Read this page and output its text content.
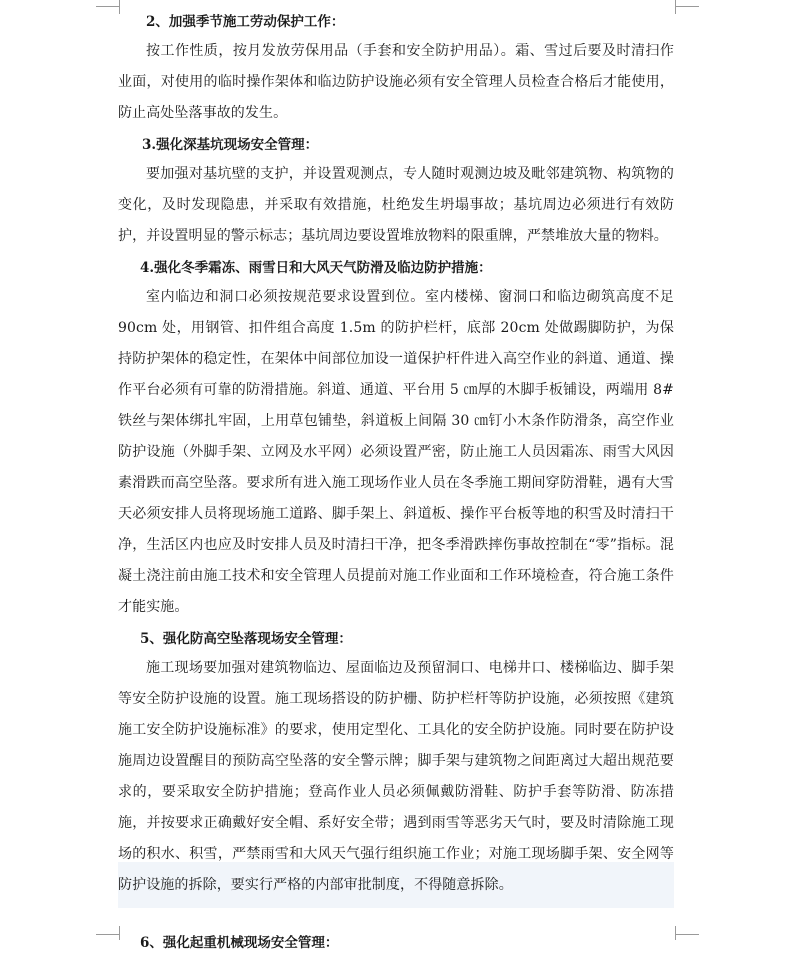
2、加强季节施工劳动保护工作：

按工作性质，按月发放劳保用品（手套和安全防护用品）。霜、雪过后要及时清扫作业面，对使用的临时操作架体和临边防护设施必须有安全管理人员检查合格后才能使用，防止高处坠落事故的发生。

3.强化深基坑现场安全管理：

要加强对基坑壁的支护，并设置观测点，专人随时观测边坡及毗邻建筑物、构筑物的变化，及时发现隐患，并采取有效措施，杜绝发生坍塌事故；基坑周边必须进行有效防护，并设置明显的警示标志；基坑周边要设置堆放物料的限重牌，严禁堆放大量的物料。

4.强化冬季霜冻、雨雪日和大风天气防滑及临边防护措施：

室内临边和洞口必须按规范要求设置到位。室内楼梯、窗洞口和临边砌筑高度不足 90cm 处，用钢管、扣件组合高度 1.5m 的防护栏杆，底部 20cm 处做踢脚防护，为保持防护架体的稳定性，在架体中间部位加设一道保护杆件进入高空作业的斜道、通道、操作平台必须有可靠的防滑措施。斜道、通道、平台用 5 ㎝厚的木脚手板铺设，两端用 8#铁丝与架体绑扎牢固，上用草包铺垫，斜道板上间隔 30 ㎝钉小木条作防滑条，高空作业防护设施（外脚手架、立网及水平网）必须设置严密，防止施工人员因霜冻、雨雪大风因素滑跌而高空坠落。要求所有进入施工现场作业人员在冬季施工期间穿防滑鞋，遇有大雪天必须安排人员将现场施工道路、脚手架上、斜道板、操作平台板等地的积雪及时清扫干净，生活区内也应及时安排人员及时清扫干净，把冬季滑跌摔伤事故控制在“零”指标。混凝土浇注前由施工技术和安全管理人员提前对施工作业面和工作环境检查，符合施工条件才能实施。

5、强化防高空坠落现场安全管理：

施工现场要加强对建筑物临边、屋面临边及预留洞口、电梯井口、楼梯临边、脚手架等安全防护设施的设置。施工现场搭设的防护栅、防护栏杆等防护设施，必须按照《建筑施工安全防护设施标准》的要求，使用定型化、工具化的安全防护设施。同时要在防护设施周边设置醒目的预防高空坠落的安全警示牌；脚手架与建筑物之间距离过大超出规范要求的，要采取安全防护措施；登高作业人员必须佩戴防滑鞋、防护手套等防滑、防冻措施，并按要求正确戴好安全帽、系好安全带；遇到雨雪等恶劣天气时，要及时清除施工现场的积水、积雪，严禁雨雪和大风天气强行组织施工作业；对施工现场脚手架、安全网等防护设施的拆除，要实行严格的内部审批制度，不得随意拆除。

6、强化起重机械现场安全管理：
